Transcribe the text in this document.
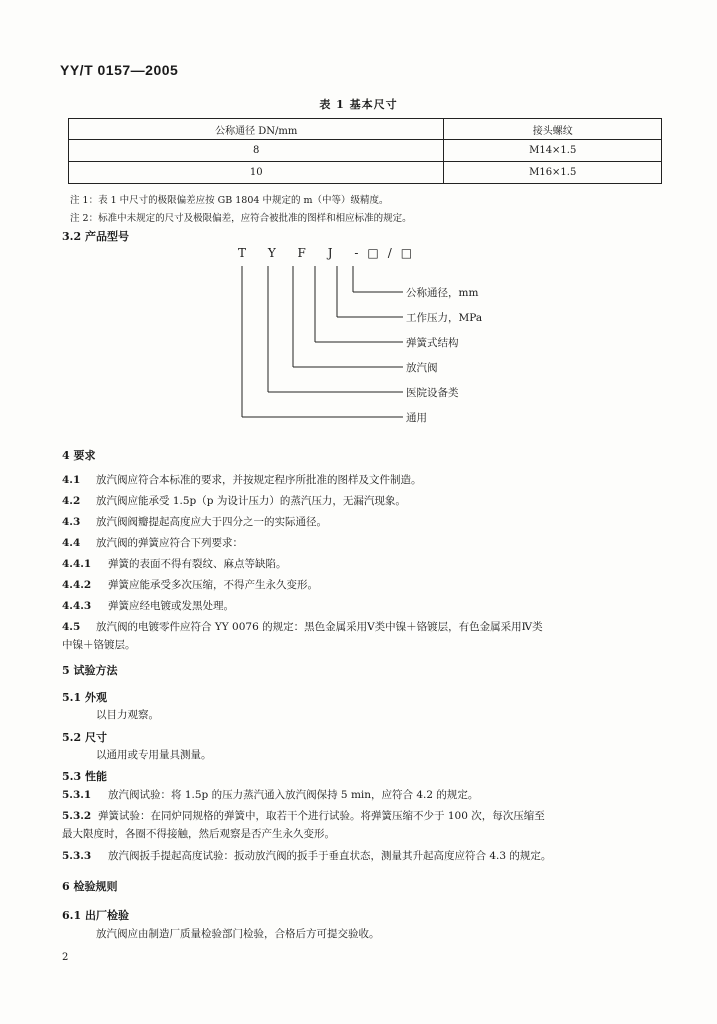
YY/T 0157—2005
表 1 基本尺寸
公称通径 DN/mm	接头螺纹
8	M14×1.5
10	M16×1.5
注 1：表 1 中尺寸的极限偏差应按 GB 1804 中规定的 m（中等）级精度。
注 2：标准中未规定的尺寸及极限偏差，应符合被批准的图样和相应标准的规定。
3.2 产品型号
T Y F J -□/□
公称通径，mm
工作压力，MPa
弹簧式结构
放汽阀
医院设备类
通用
4 要求
4.1 放汽阀应符合本标准的要求，并按规定程序所批准的图样及文件制造。
4.2 放汽阀应能承受 1.5p（p 为设计压力）的蒸汽压力，无漏汽现象。
4.3 放汽阀阀瓣提起高度应大于四分之一的实际通径。
4.4 放汽阀的弹簧应符合下列要求：
4.4.1 弹簧的表面不得有裂纹、麻点等缺陷。
4.4.2 弹簧应能承受多次压缩，不得产生永久变形。
4.4.3 弹簧应经电镀或发黑处理。
4.5 放汽阀的电镀零件应符合 YY 0076 的规定：黑色金属采用Ⅴ类中镍＋铬镀层，有色金属采用Ⅳ类
中镍＋铬镀层。
5 试验方法
5.1 外观
以目力观察。
5.2 尺寸
以通用或专用量具测量。
5.3 性能
5.3.1 放汽阀试验：将 1.5p 的压力蒸汽通入放汽阀保持 5 min，应符合 4.2 的规定。
5.3.2 弹簧试验：在同炉同规格的弹簧中，取若干个进行试验。将弹簧压缩不少于 100 次，每次压缩至
最大限度时，各圈不得接触，然后观察是否产生永久变形。
5.3.3 放汽阀扳手提起高度试验：扳动放汽阀的扳手于垂直状态，测量其升起高度应符合 4.3 的规定。
6 检验规则
6.1 出厂检验
放汽阀应由制造厂质量检验部门检验，合格后方可提交验收。
2
